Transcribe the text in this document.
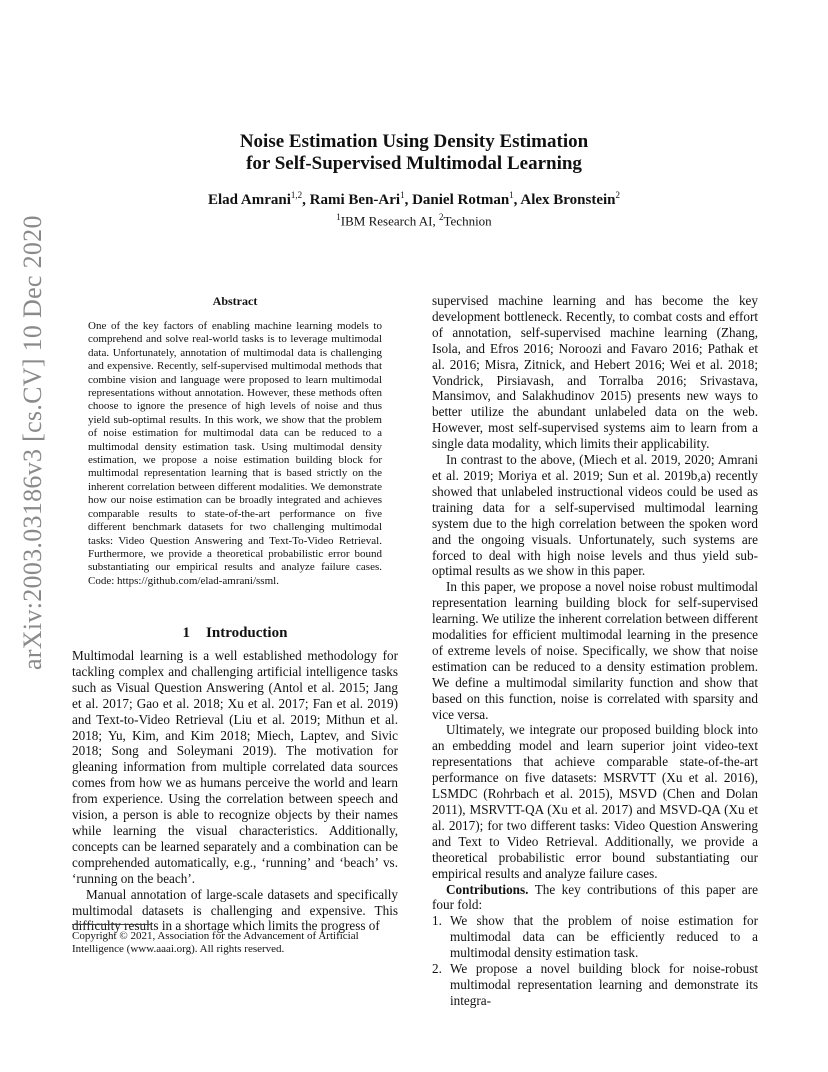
arXiv:2003.03186v3 [cs.CV] 10 Dec 2020
Noise Estimation Using Density Estimation
for Self-Supervised Multimodal Learning
Elad Amrani$^{1,2}$, Rami Ben-Ari$^1$, Daniel Rotman$^1$, Alex Bronstein$^2$
$^1$IBM Research AI, $^2$Technion
Abstract
One of the key factors of enabling machine learning models to comprehend and solve real-world tasks is to leverage multimodal data. Unfortunately, annotation of multimodal data is challenging and expensive. Recently, self-supervised multimodal methods that combine vision and language were proposed to learn multimodal representations without annotation. However, these methods often choose to ignore the presence of high levels of noise and thus yield sub-optimal results. In this work, we show that the problem of noise estimation for multimodal data can be reduced to a multimodal density estimation task. Using multimodal density estimation, we propose a noise estimation building block for multimodal representation learning that is based strictly on the inherent correlation between different modalities. We demonstrate how our noise estimation can be broadly integrated and achieves comparable results to state-of-the-art performance on five different benchmark datasets for two challenging multimodal tasks: Video Question Answering and Text-To-Video Retrieval. Furthermore, we provide a theoretical probabilistic error bound substantiating our empirical results and analyze failure cases. Code: https://github.com/elad-amrani/ssml.
1 Introduction

Multimodal learning is a well established methodology for tackling complex and challenging artificial intelligence tasks such as Visual Question Answering (Antol et al. 2015; Jang et al. 2017; Gao et al. 2018; Xu et al. 2017; Fan et al. 2019) and Text-to-Video Retrieval (Liu et al. 2019; Mithun et al. 2018; Yu, Kim, and Kim 2018; Miech, Laptev, and Sivic 2018; Song and Soleymani 2019). The motivation for gleaning information from multiple correlated data sources comes from how we as humans perceive the world and learn from experience. Using the correlation between speech and vision, a person is able to recognize objects by their names while learning the visual characteristics. Additionally, concepts can be learned separately and a combination can be comprehended automatically, e.g., ‘running’ and ‘beach’ vs. ‘running on the beach’.

Manual annotation of large-scale datasets and specifically multimodal datasets is challenging and expensive. This difficulty results in a shortage which limits the progress of

Copyright © 2021, Association for the Advancement of Artificial Intelligence (www.aaai.org). All rights reserved.

supervised machine learning and has become the key development bottleneck. Recently, to combat costs and effort of annotation, self-supervised machine learning (Zhang, Isola, and Efros 2016; Noroozi and Favaro 2016; Pathak et al. 2016; Misra, Zitnick, and Hebert 2016; Wei et al. 2018; Vondrick, Pirsiavash, and Torralba 2016; Srivastava, Mansimov, and Salakhudinov 2015) presents new ways to better utilize the abundant unlabeled data on the web. However, most self-supervised systems aim to learn from a single data modality, which limits their applicability.

In contrast to the above, (Miech et al. 2019, 2020; Amrani et al. 2019; Moriya et al. 2019; Sun et al. 2019b,a) recently showed that unlabeled instructional videos could be used as training data for a self-supervised multimodal learning system due to the high correlation between the spoken word and the ongoing visuals. Unfortunately, such systems are forced to deal with high noise levels and thus yield sub-optimal results as we show in this paper.

In this paper, we propose a novel noise robust multimodal representation learning building block for self-supervised learning. We utilize the inherent correlation between different modalities for efficient multimodal learning in the presence of extreme levels of noise. Specifically, we show that noise estimation can be reduced to a density estimation problem. We define a multimodal similarity function and show that based on this function, noise is correlated with sparsity and vice versa.

Ultimately, we integrate our proposed building block into an embedding model and learn superior joint video-text representations that achieve comparable state-of-the-art performance on five datasets: MSRVTT (Xu et al. 2016), LSMDC (Rohrbach et al. 2015), MSVD (Chen and Dolan 2011), MSRVTT-QA (Xu et al. 2017) and MSVD-QA (Xu et al. 2017); for two different tasks: Video Question Answering and Text to Video Retrieval. Additionally, we provide a theoretical probabilistic error bound substantiating our empirical results and analyze failure cases.

Contributions. The key contributions of this paper are four fold:

1. We show that the problem of noise estimation for multimodal data can be efficiently reduced to a multimodal density estimation task.
2. We propose a novel building block for noise-robust multimodal representation learning and demonstrate its integra-
